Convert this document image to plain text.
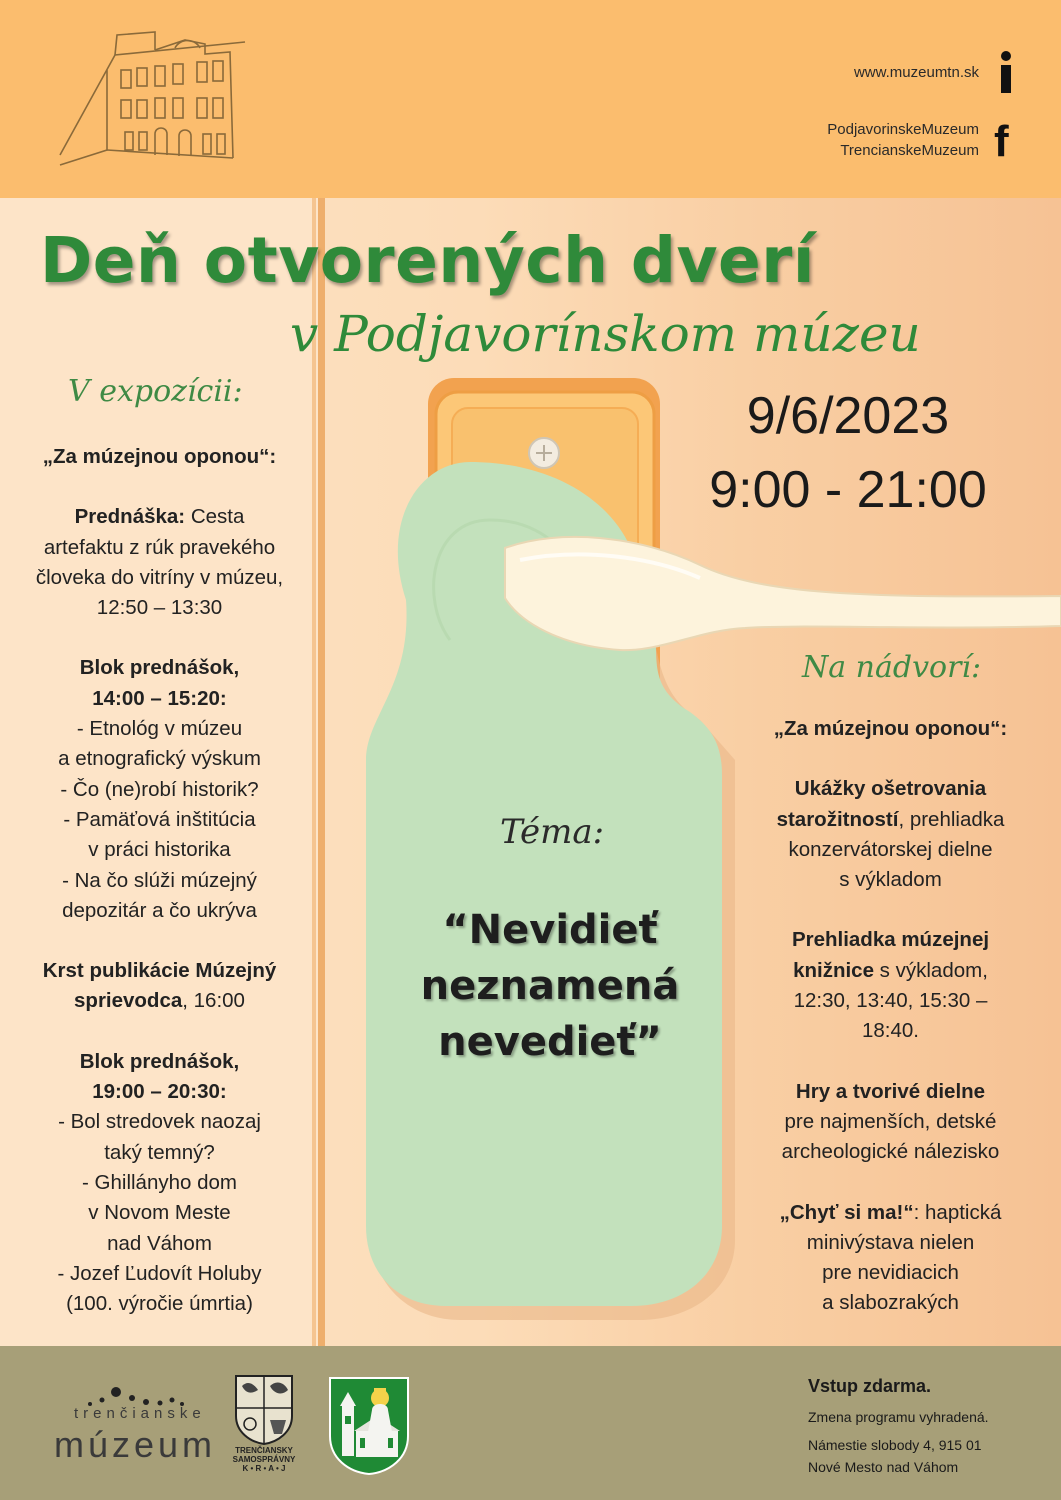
www.muzeumtn.sk
PodjavorinskeMuzeum
TrencianskeMuzeum f
Deň otvorených dverí
v Podjavorínskom múzeu
9/6/2023
9:00 - 21:00
V expozícii:

„Za múzejnou oponou“:

Prednáška: Cesta

artefaktu z rúk pravekého

človeka do vitríny v múzeu,

12:50 – 13:30

Blok prednášok,

14:00 – 15:20:

- Etnológ v múzeu

a etnografický výskum

- Čo (ne)robí historik?

- Pamäťová inštitúcia

v práci historika

- Na čo slúži múzejný

depozitár a čo ukrýva

Krst publikácie Múzejný

sprievodca, 16:00

Blok prednášok,

19:00 – 20:30:

- Bol stredovek naozaj

taký temný?

- Ghillányho dom

v Novom Meste

nad Váhom

- Jozef Ľudovít Holuby

(100. výročie úmrtia)

Na nádvorí:

„Za múzejnou oponou“:

Ukážky ošetrovania

starožitností, prehliadka

konzervátorskej dielne

s výkladom

Prehliadka múzejnej

knižnice s výkladom,

12:30, 13:40, 15:30 –

18:40.

Hry a tvorivé dielne

pre najmenších, detské

archeologické nálezisko

„Chyť si ma!“: haptická

minivýstava nielen

pre nevidiacich

a slabozrakých

Téma:
“Nevidieť
neznamená
nevedieť”
trenčianske
múzeum	TRENČIANSKY
SAMOSPRÁVNY
K • R • A • J
Vstup zdarma.
Zmena programu vyhradená.
Námestie slobody 4, 915 01
Nové Mesto nad Váhom
